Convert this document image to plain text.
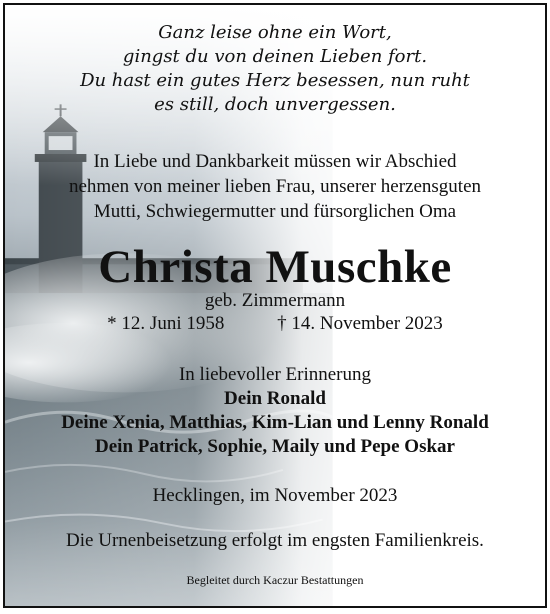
Ganz leise ohne ein Wort,
gingst du von deinen Lieben fort.
Du hast ein gutes Herz besessen, nun ruht
es still, doch unvergessen.
In Liebe und Dankbarkeit müssen wir Abschied
nehmen von meiner lieben Frau, unserer herzensguten
Mutti, Schwiegermutter und fürsorglichen Oma
Christa Muschke
geb. Zimmermann
* 12. Juni 1958	† 14. November 2023
In liebevoller Erinnerung
Dein Ronald
Deine Xenia, Matthias, Kim-Lian und Lenny Ronald
Dein Patrick, Sophie, Maily und Pepe Oskar
Hecklingen, im November 2023
Die Urnenbeisetzung erfolgt im engsten Familienkreis.
Begleitet durch Kaczur Bestattungen
